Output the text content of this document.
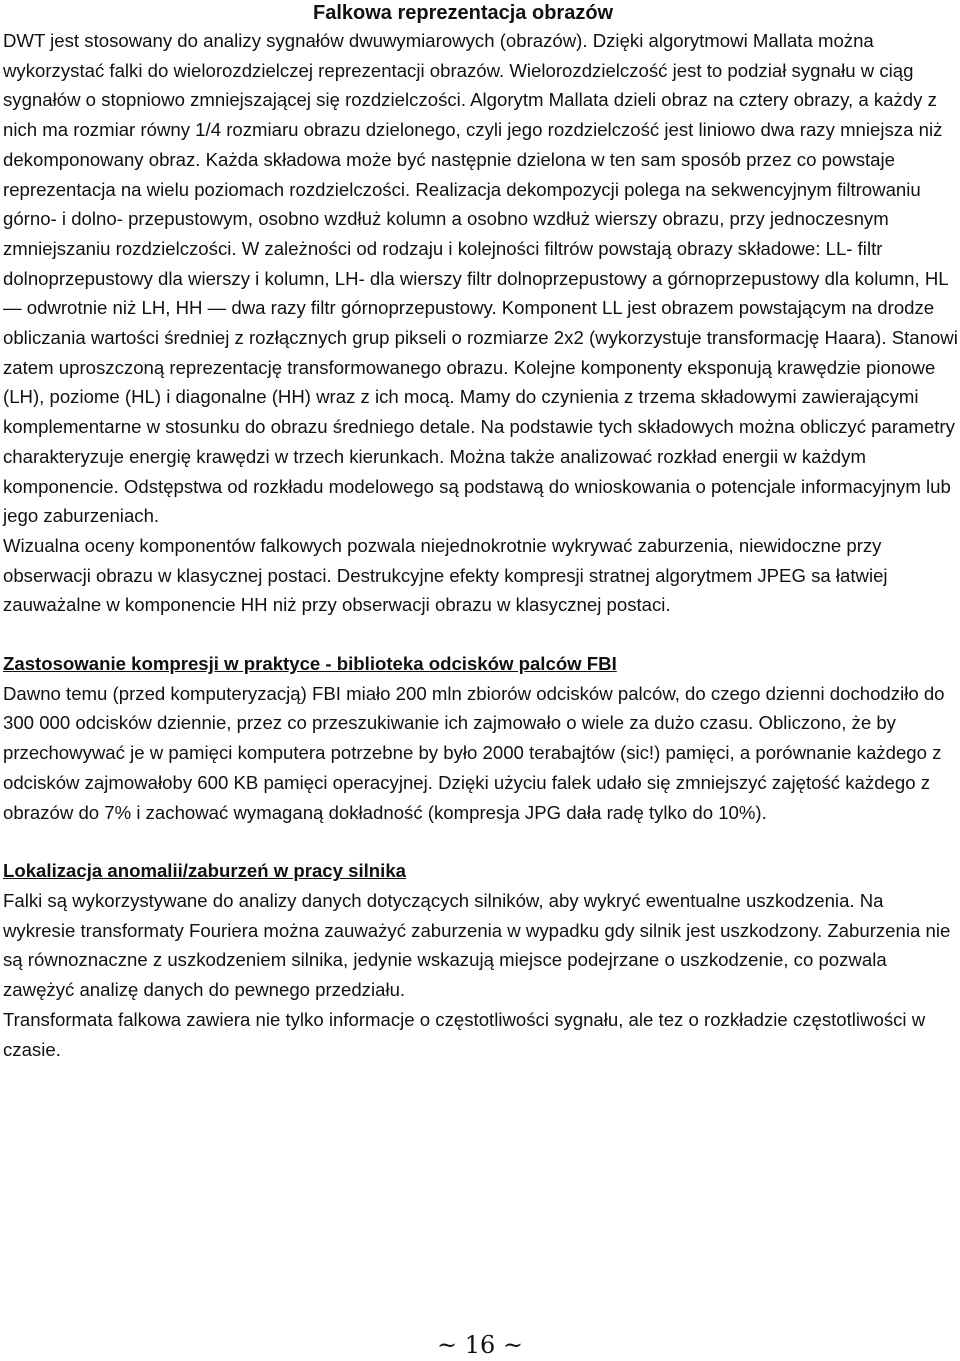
Falkowa reprezentacja obrazów

DWT jest stosowany do analizy sygnałów dwuwymiarowych (obrazów). Dzięki algorytmowi Mallata można wykorzystać falki do wielorozdzielczej reprezentacji obrazów. Wielorozdzielczość jest to podział sygnału w ciąg sygnałów o stopniowo zmniejszającej się rozdzielczości. Algorytm Mallata dzieli obraz na cztery obrazy, a każdy z nich ma rozmiar równy 1/4 rozmiaru obrazu dzielonego, czyli jego rozdzielczość jest liniowo dwa razy mniejsza niż dekomponowany obraz. Każda składowa może być następnie dzielona w ten sam sposób przez co powstaje reprezentacja na wielu poziomach rozdzielczości. Realizacja dekompozycji polega na sekwencyjnym filtrowaniu górno- i dolno- przepustowym, osobno wzdłuż kolumn a osobno wzdłuż wierszy obrazu, przy jednoczesnym zmniejszaniu rozdzielczości. W zależności od rodzaju i kolejności filtrów powstają obrazy składowe: LL- filtr dolnoprzepustowy dla wierszy i kolumn, LH- dla wierszy filtr dolnoprzepustowy a górnoprzepustowy dla kolumn, HL — odwrotnie niż LH, HH — dwa razy filtr górnoprzepustowy. Komponent LL jest obrazem powstającym na drodze obliczania wartości średniej z rozłącznych grup pikseli o rozmiarze 2x2 (wykorzystuje transformację Haara). Stanowi zatem uproszczoną reprezentację transformowanego obrazu. Kolejne komponenty eksponują krawędzie pionowe (LH), poziome (HL) i diagonalne (HH) wraz z ich mocą. Mamy do czynienia z trzema składowymi zawierającymi komplementarne w stosunku do obrazu średniego detale. Na podstawie tych składowych można obliczyć parametry charakteryzuje energię krawędzi w trzech kierunkach. Można także analizować rozkład energii w każdym komponencie. Odstępstwa od rozkładu modelowego są podstawą do wnioskowania o potencjale informacyjnym lub jego zaburzeniach.

Wizualna oceny komponentów falkowych pozwala niejednokrotnie wykrywać zaburzenia, niewidoczne przy obserwacji obrazu w klasycznej postaci. Destrukcyjne efekty kompresji stratnej algorytmem JPEG sa łatwiej zauważalne w komponencie HH niż przy obserwacji obrazu w klasycznej postaci.

Zastosowanie kompresji w praktyce - biblioteka odcisków palców FBI

Dawno temu (przed komputeryzacją) FBI miało 200 mln zbiorów odcisków palców, do czego dzienni dochodziło do 300 000 odcisków dziennie, przez co przeszukiwanie ich zajmowało o wiele za dużo czasu. Obliczono, że by przechowywać je w pamięci komputera potrzebne by było 2000 terabajtów (sic!) pamięci, a porównanie każdego z odcisków zajmowałoby 600 KB pamięci operacyjnej. Dzięki użyciu falek udało się zmniejszyć zajętość każdego z obrazów do 7% i zachować wymaganą dokładność (kompresja JPG dała radę tylko do 10%).

Lokalizacja anomalii/zaburzeń w pracy silnika

Falki są wykorzystywane do analizy danych dotyczących silników, aby wykryć ewentualne uszkodzenia. Na wykresie transformaty Fouriera można zauważyć zaburzenia w wypadku gdy silnik jest uszkodzony. Zaburzenia nie są równoznaczne z uszkodzeniem silnika, jedynie wskazują miejsce podejrzane o uszkodzenie, co pozwala zawężyć analizę danych do pewnego przedziału.

Transformata falkowa zawiera nie tylko informacje o częstotliwości sygnału, ale tez o rozkładzie częstotliwości w czasie.

~ 16 ~
